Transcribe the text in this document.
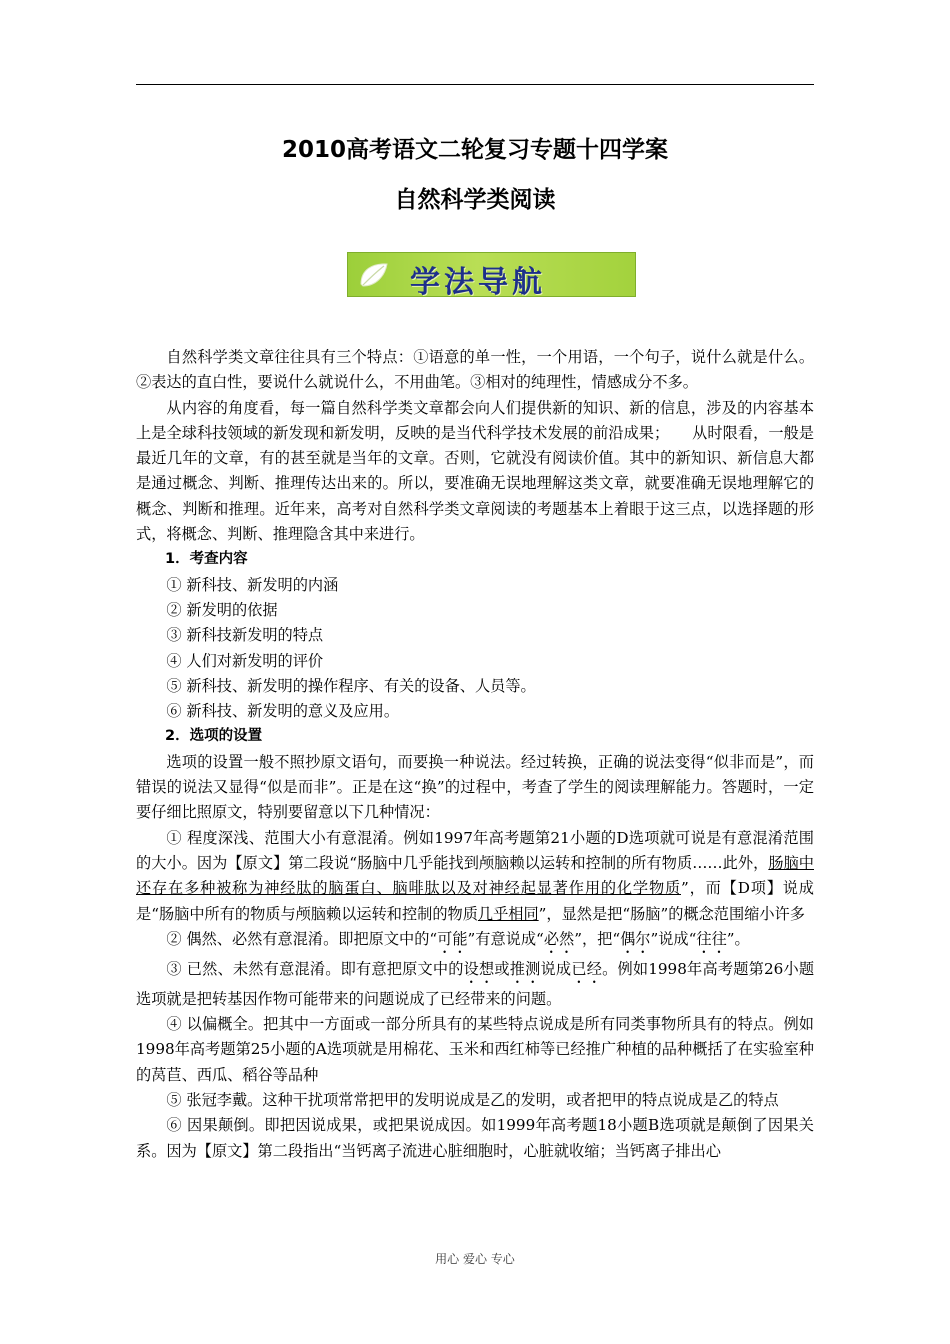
2010高考语文二轮复习专题十四学案
自然科学类阅读
学法导航

自然科学类文章往往具有三个特点：①语意的单一性，一个用语，一个句子，说什么就是什么。②表达的直白性，要说什么就说什么，不用曲笔。③相对的纯理性，情感成分不多。

从内容的角度看，每一篇自然科学类文章都会向人们提供新的知识、新的信息，涉及的内容基本上是全球科技领域的新发现和新发明，反映的是当代科学技术发展的前沿成果；　　从时限看，一般是最近几年的文章，有的甚至就是当年的文章。否则，它就没有阅读价值。其中的新知识、新信息大都是通过概念、判断、推理传达出来的。所以，要准确无误地理解这类文章，就要准确无误地理解它的概念、判断和推理。近年来，高考对自然科学类文章阅读的考题基本上着眼于这三点，以选择题的形式，将概念、判断、推理隐含其中来进行。

1．考查内容

① 新科技、新发明的内涵

② 新发明的依据

③ 新科技新发明的特点

④ 人们对新发明的评价

⑤ 新科技、新发明的操作程序、有关的设备、人员等。

⑥ 新科技、新发明的意义及应用。

2．选项的设置

选项的设置一般不照抄原文语句，而要换一种说法。经过转换，正确的说法变得“似非而是”，而错误的说法又显得“似是而非”。正是在这“换”的过程中，考查了学生的阅读理解能力。答题时，一定要仔细比照原文，特别要留意以下几种情况：

① 程度深浅、范围大小有意混淆。例如1997年高考题第21小题的D选项就可说是有意混淆范围的大小。因为【原文】第二段说“肠脑中几乎能找到颅脑赖以运转和控制的所有物质……此外，肠脑中还存在多种被称为神经肽的脑蛋白、脑啡肽以及对神经起显著作用的化学物质”，而【D项】说成是“肠脑中所有的物质与颅脑赖以运转和控制的物质几乎相同”，显然是把“肠脑”的概念范围缩小许多

② 偶然、必然有意混淆。即把原文中的“可能”有意说成“必然”，把“偶尔”说成“往往”。

③ 已然、未然有意混淆。即有意把原文中的设想或推测说成已经。例如1998年高考题第26小题选项就是把转基因作物可能带来的问题说成了已经带来的问题。

④ 以偏概全。把其中一方面或一部分所具有的某些特点说成是所有同类事物所具有的特点。例如1998年高考题第25小题的A选项就是用棉花、玉米和西红柿等已经推广种植的品种概括了在实验室种的莴苣、西瓜、稻谷等品种

⑤ 张冠李戴。这种干扰项常常把甲的发明说成是乙的发明，或者把甲的特点说成是乙的特点

⑥ 因果颠倒。即把因说成果，或把果说成因。如1999年高考题18小题B选项就是颠倒了因果关系。因为【原文】第二段指出“当钙离子流进心脏细胞时，心脏就收缩；当钙离子排出心

用心 爱心 专心
